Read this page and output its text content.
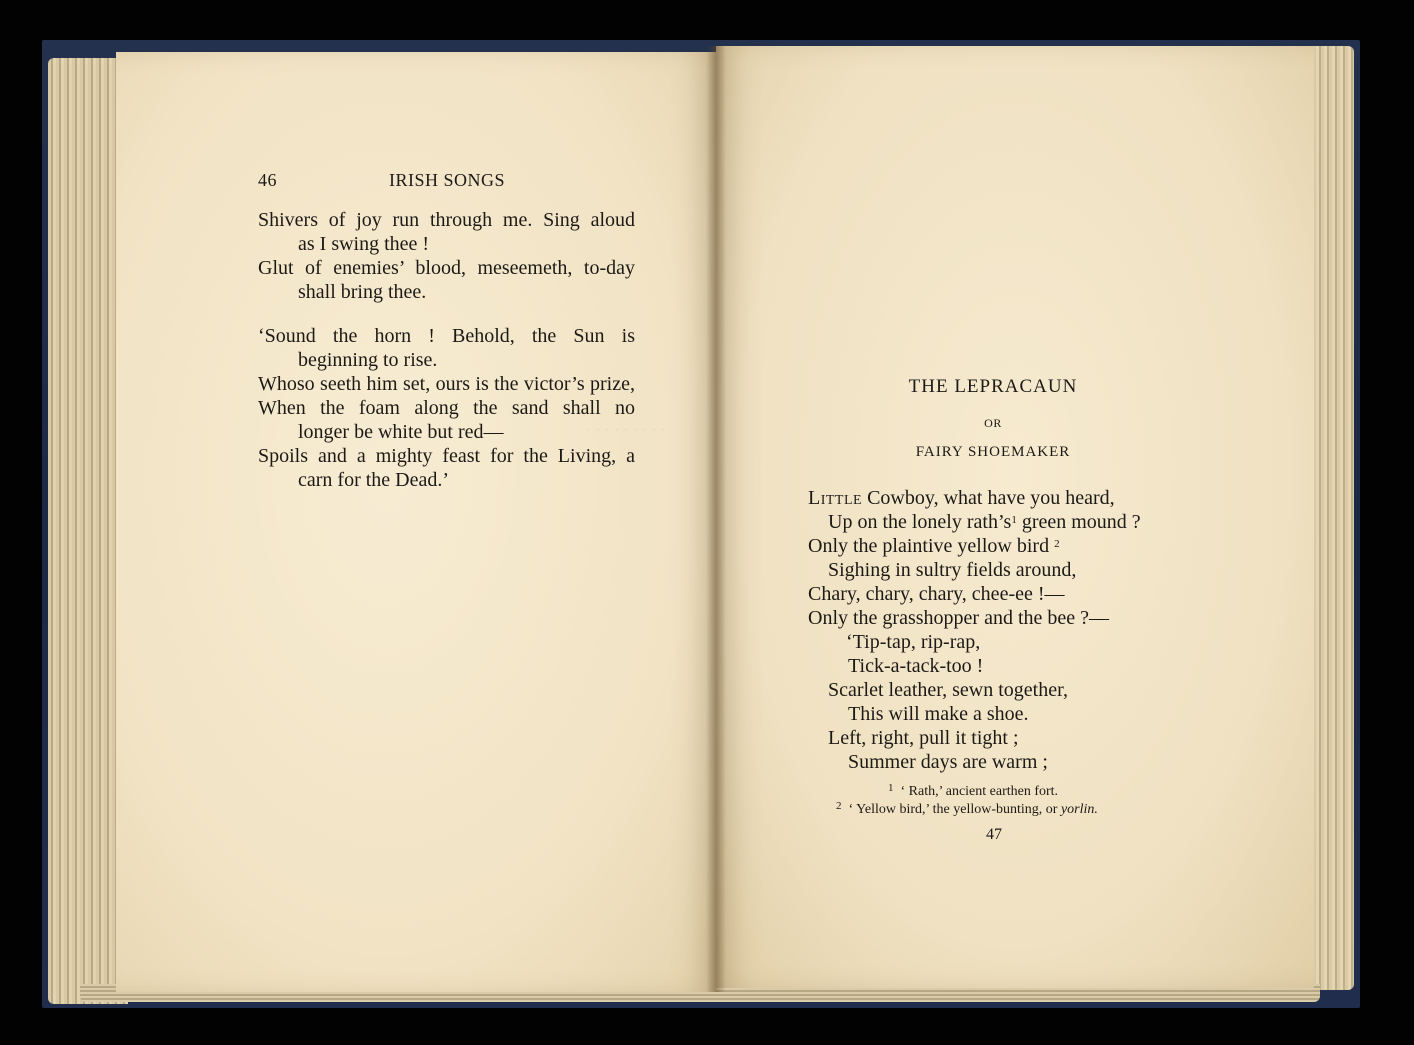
· · · · · · · · ·
46	IRISH SONGS
Shivers of joy run through me. Sing aloud
as I swing thee !
Glut of enemies’ blood, meseemeth, to-day
shall bring thee.
‘Sound the horn ! Behold, the Sun is
beginning to rise.
Whoso seeth him set, ours is the victor’s prize,
When the foam along the sand shall no
longer be white but red—
Spoils and a mighty feast for the Living, a
carn for the Dead.’
THE LEPRACAUN
OR
FAIRY SHOEMAKER
Little Cowboy, what have you heard,
Up on the lonely $rath’s^1$ green mound ?
Only the plaintive yellow bird $^2$
Sighing in sultry fields around,
Chary, chary, chary, chee-ee !—
Only the grasshopper and the bee ?—
‘Tip-tap, rip-rap,
Tick-a-tack-too !
Scarlet leather, sewn together,
This will make a shoe.
Left, right, pull it tight ;
Summer days are warm ;
$^1$ ‘ Rath,’ ancient earthen fort.
$^2$ ‘ Yellow bird,’ the yellow-bunting, or yorlin.
47
